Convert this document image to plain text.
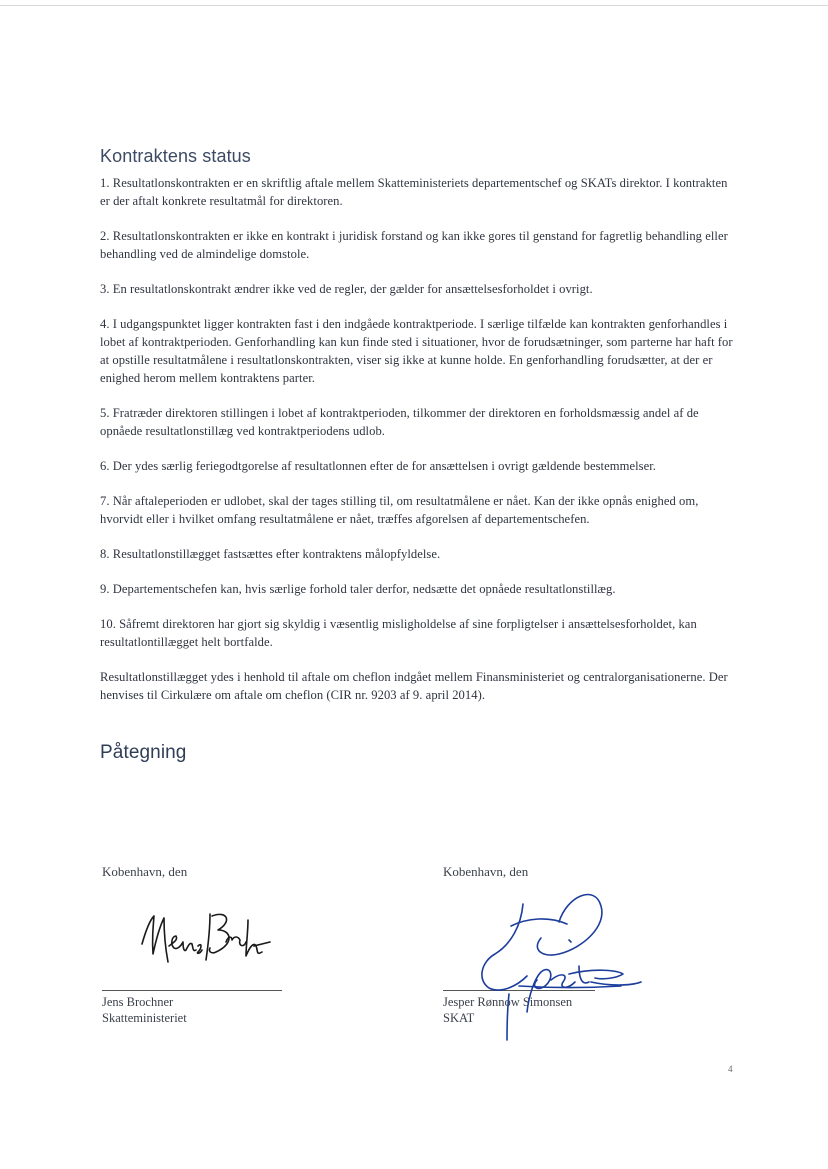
Kontraktens status

1. Resultatlonskontrakten er en skriftlig aftale mellem Skatteministeriets departementschef og SKATs direktor. I kontrakten er der aftalt konkrete resultatmål for direktoren.

2. Resultatlonskontrakten er ikke en kontrakt i juridisk forstand og kan ikke gores til genstand for fagretlig behandling eller behandling ved de almindelige domstole.

3. En resultatlonskontrakt ændrer ikke ved de regler, der gælder for ansættelsesforholdet i ovrigt.

4. I udgangspunktet ligger kontrakten fast i den indgåede kontraktperiode. I særlige tilfælde kan kontrakten genforhandles i lobet af kontraktperioden. Genforhandling kan kun finde sted i situationer, hvor de forudsætninger, som parterne har haft for at opstille resultatmålene i resultatlonskontrakten, viser sig ikke at kunne holde. En genforhandling forudsætter, at der er enighed herom mellem kontraktens parter.

5. Fratræder direktoren stillingen i lobet af kontraktperioden, tilkommer der direktoren en forholdsmæssig andel af de opnåede resultatlonstillæg ved kontraktperiodens udlob.

6. Der ydes særlig feriegodtgorelse af resultatlonnen efter de for ansættelsen i ovrigt gældende bestemmelser.

7. Når aftaleperioden er udlobet, skal der tages stilling til, om resultatmålene er nået. Kan der ikke opnås enighed om, hvorvidt eller i hvilket omfang resultatmålene er nået, træffes afgorelsen af departementschefen.

8. Resultatlonstillægget fastsættes efter kontraktens målopfyldelse.

9. Departementschefen kan, hvis særlige forhold taler derfor, nedsætte det opnåede resultatlonstillæg.

10. Såfremt direktoren har gjort sig skyldig i væsentlig misligholdelse af sine forpligtelser i ansættelsesforholdet, kan resultatlontillægget helt bortfalde.

Resultatlonstillægget ydes i henhold til aftale om cheflon indgået mellem Finansministeriet og centralorganisationerne. Der henvises til Cirkulære om aftale om cheflon (CIR nr. 9203 af 9. april 2014).

Påtegning
Kobenhavn, den
Jens Brochner
Skatteministeriet
Kobenhavn, den
Jesper Rønnow Simonsen
SKAT
4
